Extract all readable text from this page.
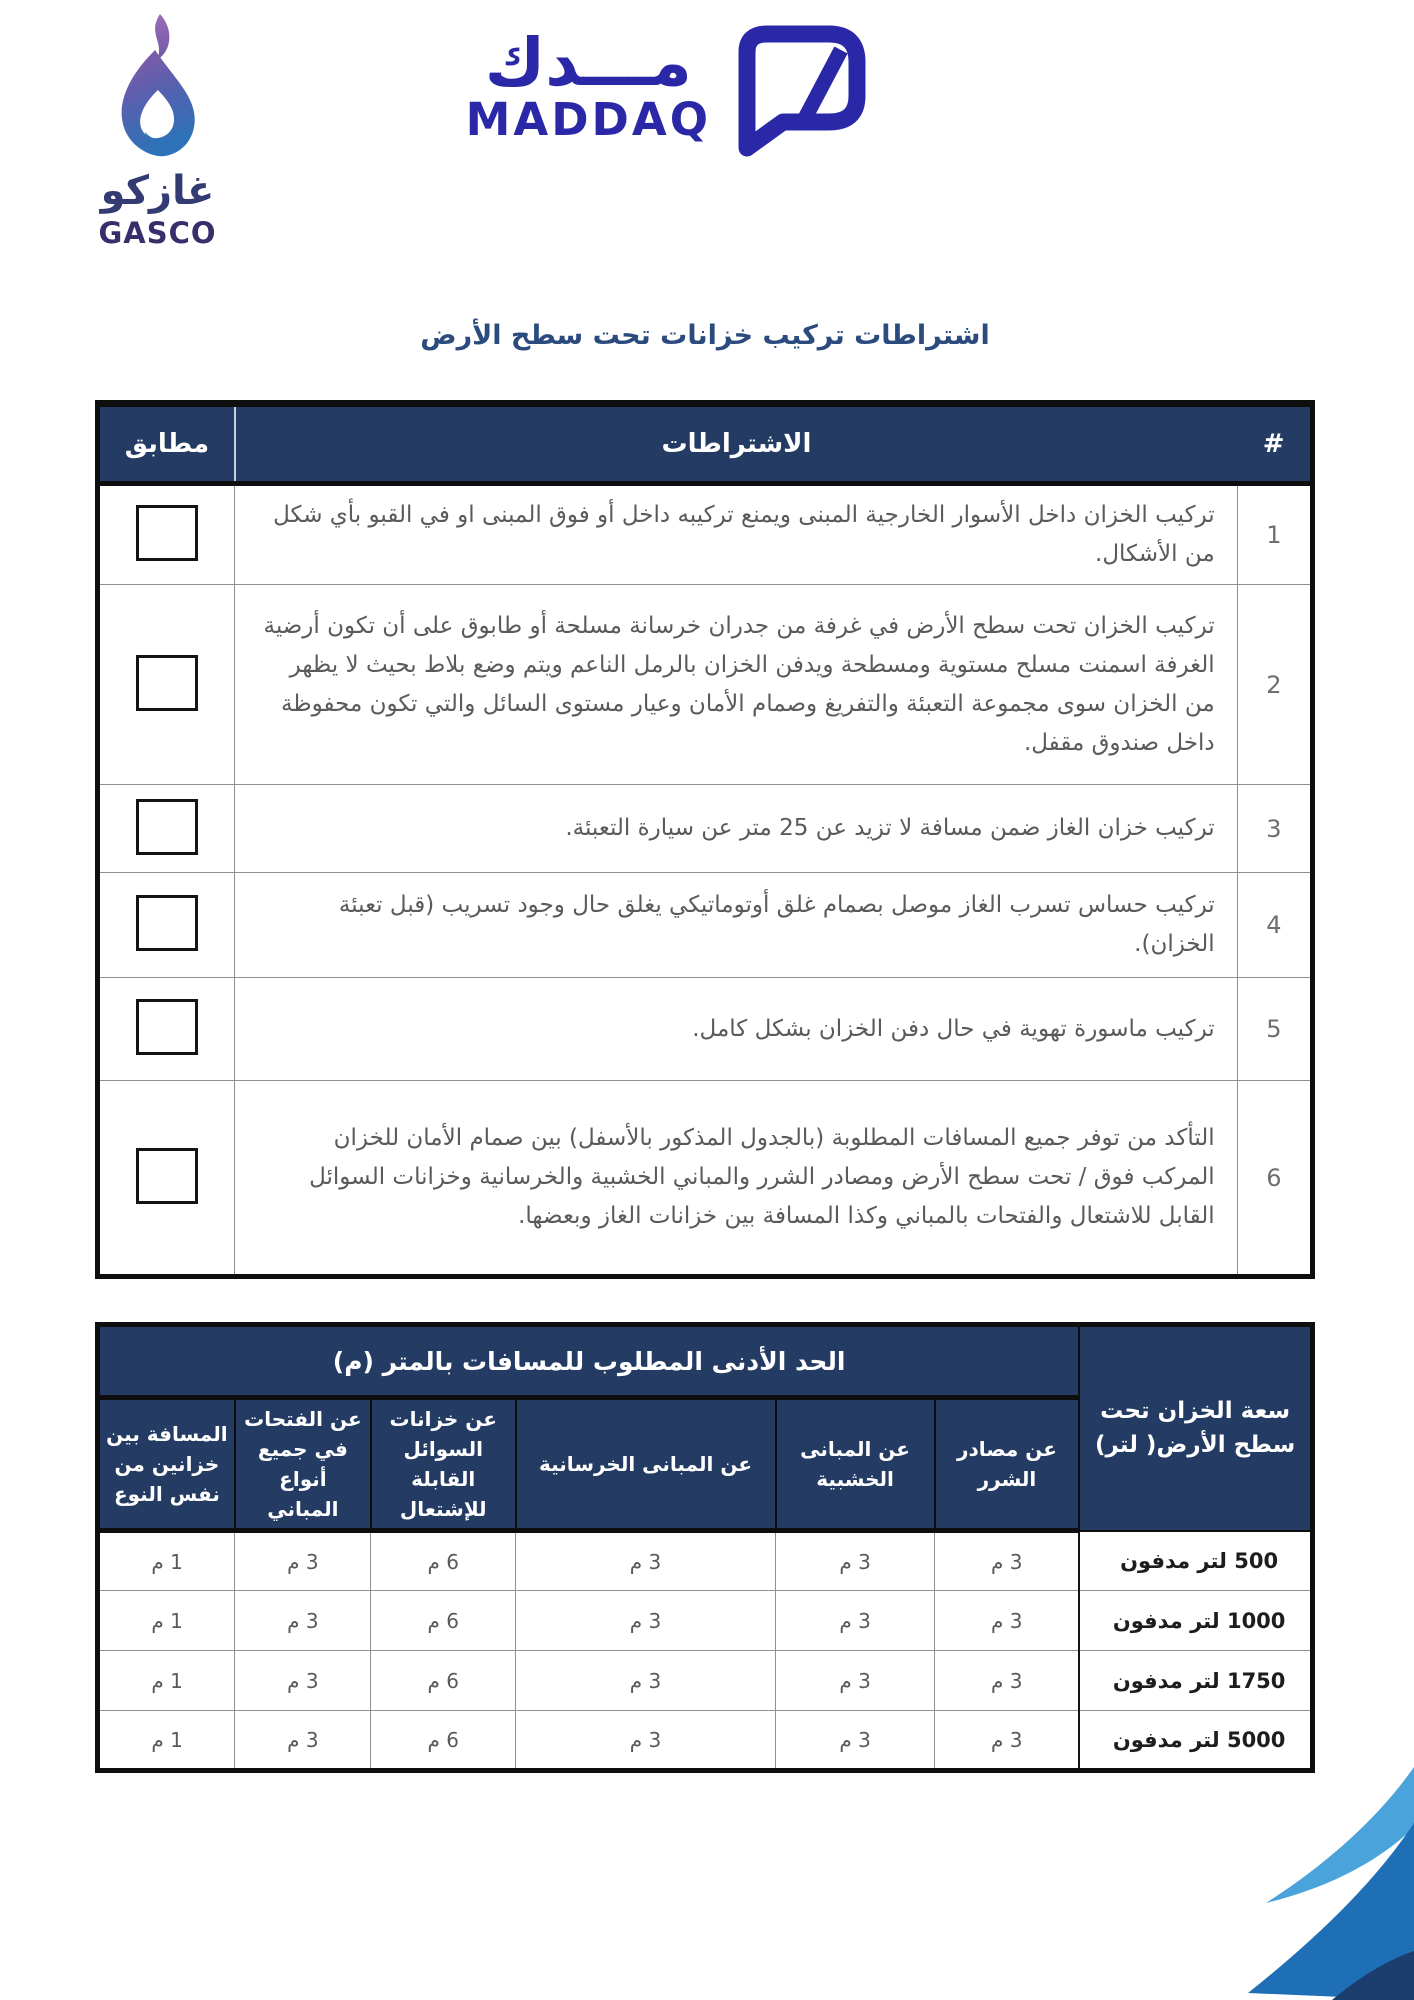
غازكو
GASCO
مـــدك
MADDAQ
اشتراطات تركيب خزانات تحت سطح الأرض
#	الاشتراطات	مطابق
1	تركيب الخزان داخل الأسوار الخارجية المبنى ويمنع تركيبه داخل أو فوق المبنى او في القبو بأي شكل من الأشكال.	
2	تركيب الخزان تحت سطح الأرض في غرفة من جدران خرسانة مسلحة أو طابوق على أن تكون أرضية الغرفة اسمنت مسلح مستوية ومسطحة ويدفن الخزان بالرمل الناعم ويتم وضع بلاط بحيث لا يظهر من الخزان سوى مجموعة التعبئة والتفريغ وصمام الأمان وعيار مستوى السائل والتي تكون محفوظة داخل صندوق مقفل.	
3	تركيب خزان الغاز ضمن مسافة لا تزيد عن 25 متر عن سيارة التعبئة.	
4	تركيب حساس تسرب الغاز موصل بصمام غلق أوتوماتيكي يغلق حال وجود تسريب (قبل تعبئة الخزان).	
5	تركيب ماسورة تهوية في حال دفن الخزان بشكل كامل.	
6	التأكد من توفر جميع المسافات المطلوبة (بالجدول المذكور بالأسفل) بين صمام الأمان للخزان المركب فوق / تحت سطح الأرض ومصادر الشرر والمباني الخشبية والخرسانية وخزانات السوائل القابل للاشتعال والفتحات بالمباني وكذا المسافة بين خزانات الغاز وبعضها.	
سعة الخزان تحت سطح الأرض( لتر)	الحد الأدنى المطلوب للمسافات بالمتر (م)					
	عن مصادر الشرر	عن المبانى الخشبية	عن المبانى الخرسانية	عن خزانات السوائل القابلة للإشتعال	عن الفتحات في جميع أنواع المباني	المسافة بين خزانين من نفس النوع
500 لتر مدفون	3 م	3 م	3 م	6 م	3 م	1 م
1000 لتر مدفون	3 م	3 م	3 م	6 م	3 م	1 م
1750 لتر مدفون	3 م	3 م	3 م	6 م	3 م	1 م
5000 لتر مدفون	3 م	3 م	3 م	6 م	3 م	1 م
